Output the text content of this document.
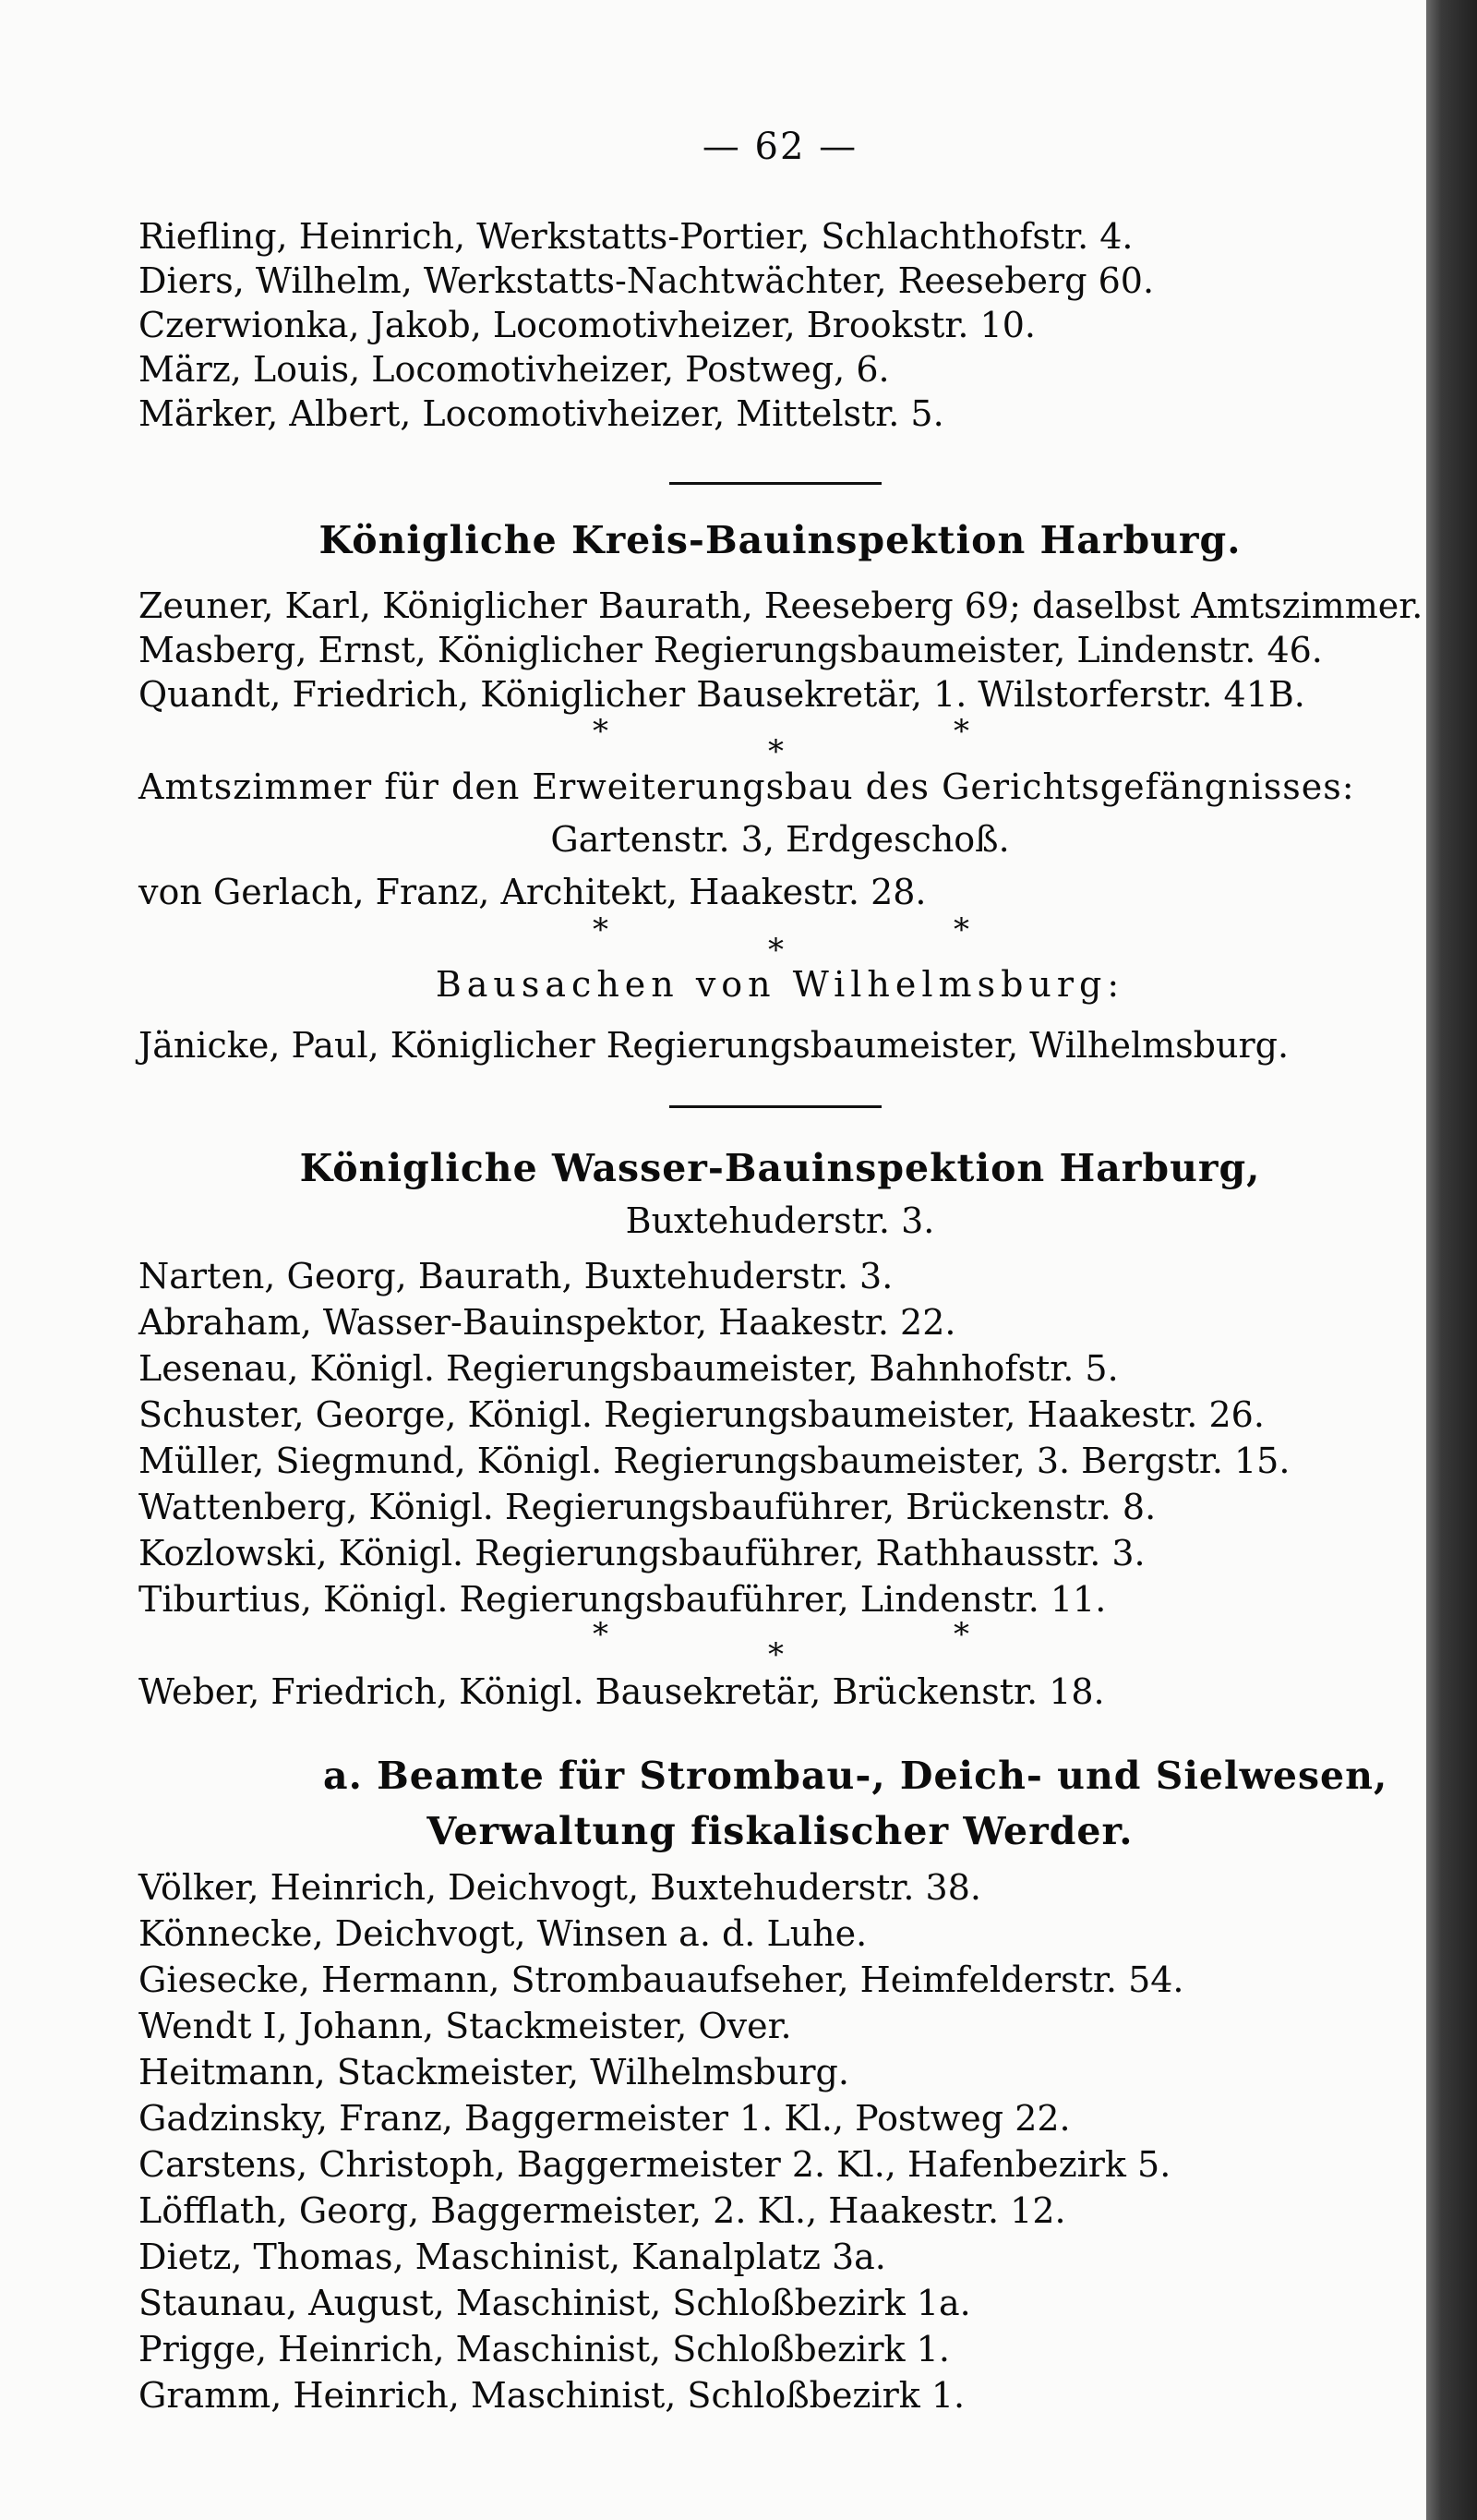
— 62 —
Riefling, Heinrich, Werkstatts-Portier, Schlachthofstr. 4.
Diers, Wilhelm, Werkstatts-Nachtwächter, Reeseberg 60.
Czerwionka, Jakob, Locomotivheizer, Brookstr. 10.
März, Louis, Locomotivheizer, Postweg, 6.
Märker, Albert, Locomotivheizer, Mittelstr. 5.
Königliche Kreis-Bauinspektion Harburg.
Zeuner, Karl, Königlicher Baurath, Reeseberg 69; daselbst Amtszimmer.
Masberg, Ernst, Königlicher Regierungsbaumeister, Lindenstr. 46.
Quandt, Friedrich, Königlicher Bausekretär, 1. Wilstorferstr. 41B.
*
*
*
Amtszimmer für den Erweiterungsbau des Gerichtsgefängnisses:
Gartenstr. 3, Erdgeschoß.
von Gerlach, Franz, Architekt, Haakestr. 28.
*
*
*
Bausachen von Wilhelmsburg:
Jänicke, Paul, Königlicher Regierungsbaumeister, Wilhelmsburg.
Königliche Wasser-Bauinspektion Harburg,
Buxtehuderstr. 3.
Narten, Georg, Baurath, Buxtehuderstr. 3.
Abraham, Wasser-Bauinspektor, Haakestr. 22.
Lesenau, Königl. Regierungsbaumeister, Bahnhofstr. 5.
Schuster, George, Königl. Regierungsbaumeister, Haakestr. 26.
Müller, Siegmund, Königl. Regierungsbaumeister, 3. Bergstr. 15.
Wattenberg, Königl. Regierungsbauführer, Brückenstr. 8.
Kozlowski, Königl. Regierungsbauführer, Rathhausstr. 3.
Tiburtius, Königl. Regierungsbauführer, Lindenstr. 11.
*
*
*
Weber, Friedrich, Königl. Bausekretär, Brückenstr. 18.
a. Beamte für Strombau-, Deich- und Sielwesen,
Verwaltung fiskalischer Werder.
Völker, Heinrich, Deichvogt, Buxtehuderstr. 38.
Könnecke, Deichvogt, Winsen a. d. Luhe.
Giesecke, Hermann, Strombauaufseher, Heimfelderstr. 54.
Wendt I, Johann, Stackmeister, Over.
Heitmann, Stackmeister, Wilhelmsburg.
Gadzinsky, Franz, Baggermeister 1. Kl., Postweg 22.
Carstens, Christoph, Baggermeister 2. Kl., Hafenbezirk 5.
Löfflath, Georg, Baggermeister, 2. Kl., Haakestr. 12.
Dietz, Thomas, Maschinist, Kanalplatz 3a.
Staunau, August, Maschinist, Schloßbezirk 1a.
Prigge, Heinrich, Maschinist, Schloßbezirk 1.
Gramm, Heinrich, Maschinist, Schloßbezirk 1.
